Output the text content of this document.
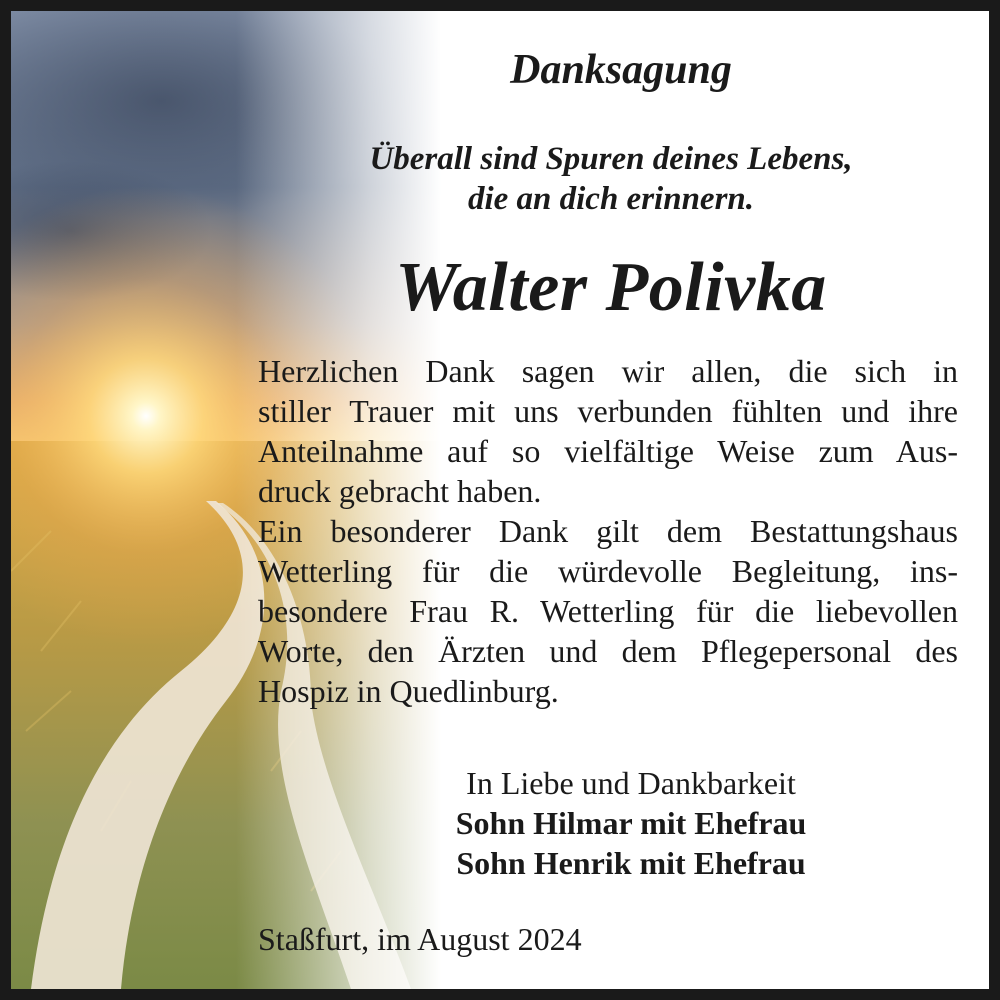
Danksagung
Überall sind Spuren deines Lebens,
die an dich erinnern.
Walter Polivka
Herzlichen Dank sagen wir allen, die sich in
stiller Trauer mit uns verbunden fühlten und ihre
Anteilnahme auf so vielfältige Weise zum Aus-
druck gebracht haben.
Ein besonderer Dank gilt dem Bestattungshaus
Wetterling für die würdevolle Begleitung, ins-
besondere Frau R. Wetterling für die liebevollen
Worte, den Ärzten und dem Pflegepersonal des
Hospiz in Quedlinburg.
In Liebe und Dankbarkeit
Sohn Hilmar mit Ehefrau
Sohn Henrik mit Ehefrau
Staßfurt, im August 2024
